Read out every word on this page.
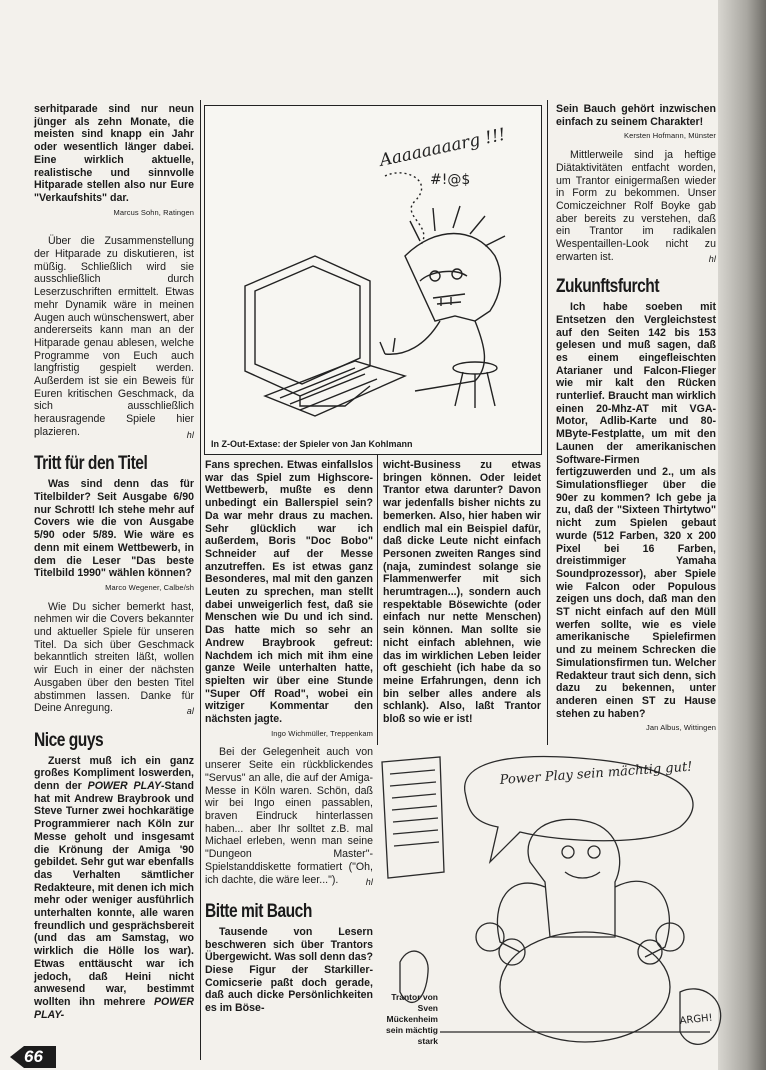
serhitparade sind nur neun jünger als zehn Monate, die meisten sind knapp ein Jahr oder wesentlich länger dabei. Eine wirklich aktuelle, realistische und sinnvolle Hitparade stellen also nur Eure "Verkaufshits" dar.

Marcus Sohn, Ratingen

Über die Zusammenstellung der Hitparade zu diskutieren, ist müßig. Schließlich wird sie ausschließlich durch Leserzuschriften ermittelt. Etwas mehr Dynamik wäre in meinen Augen auch wünschenswert, aber andererseits kann man an der Hitparade genau ablesen, welche Programme von Euch auch langfristig gespielt werden. Außerdem ist sie ein Beweis für Euren kritischen Geschmack, da sich ausschließlich herausragende Spiele hier plazieren.	hl
Tritt für den Titel

Was sind denn das für Titelbilder? Seit Ausgabe 6/90 nur Schrott! Ich stehe mehr auf Covers wie die von Ausgabe 5/90 oder 5/89. Wie wäre es denn mit einem Wettbewerb, in dem die Leser "Das beste Titelbild 1990" wählen können?

Marco Wegener, Calbe/sh

Wie Du sicher bemerkt hast, nehmen wir die Covers bekannter und aktueller Spiele für unseren Titel. Da sich über Geschmack bekanntlich streiten läßt, wollen wir Euch in einer der nächsten Ausgaben über den besten Titel abstimmen lassen. Danke für Deine Anregung.	al
Nice guys

Zuerst muß ich ein ganz großes Kompliment loswerden, denn der POWER PLAY-Stand hat mit Andrew Braybrook und Steve Turner zwei hochkarätige Programmierer nach Köln zur Messe geholt und insgesamt die Krönung der Amiga '90 gebildet. Sehr gut war ebenfalls das Verhalten sämtlicher Redakteure, mit denen ich mich mehr oder weniger ausführlich unterhalten konnte, alle waren freundlich und gesprächsbereit (und das am Samstag, wo wirklich die Hölle los war). Etwas enttäuscht war ich jedoch, daß Heini nicht anwesend war, bestimmt wollten ihn mehrere POWER PLAY-

Aaaaaaaarg !!!
#!@$
In Z-Out-Extase: der Spieler von Jan Kohlmann

Fans sprechen. Etwas einfallslos war das Spiel zum Highscore-Wettbewerb, mußte es denn unbedingt ein Ballerspiel sein? Da war mehr draus zu machen. Sehr glücklich war ich außerdem, Boris "Doc Bobo" Schneider auf der Messe anzutreffen. Es ist etwas ganz Besonderes, mal mit den ganzen Leuten zu sprechen, man stellt dabei unweigerlich fest, daß sie Menschen wie Du und ich sind. Das hatte mich so sehr an Andrew Braybrook gefreut: Nachdem ich mich mit ihm eine ganze Weile unterhalten hatte, spielten wir über eine Stunde "Super Off Road", wobei ein witziger Kommentar den nächsten jagte.

Ingo Wichmüller, Treppenkam

Bei der Gelegenheit auch von unserer Seite ein rückblickendes "Servus" an alle, die auf der Amiga-Messe in Köln waren. Schön, daß wir bei Ingo einen passablen, braven Eindruck hinterlassen haben... aber Ihr solltet z.B. mal Michael erleben, wenn man seine "Dungeon Master"-Spielstanddiskette formatiert ("Oh, ich dachte, die wäre leer...").	hl
Bitte mit Bauch

Tausende von Lesern beschweren sich über Trantors Übergewicht. Was soll denn das? Diese Figur der Starkiller-Comicserie paßt doch gerade, daß auch dicke Persönlichkeiten es im Böse-

wicht-Business zu etwas bringen können. Oder leidet Trantor etwa darunter? Davon war jedenfalls bisher nichts zu bemerken. Also, hier haben wir endlich mal ein Beispiel dafür, daß dicke Leute nicht einfach Personen zweiten Ranges sind (naja, zumindest solange sie Flammenwerfer mit sich herumtragen...), sondern auch respektable Bösewichte (oder einfach nur nette Menschen) sein können. Man sollte sie nicht einfach ablehnen, wie das im wirklichen Leben leider oft geschieht (ich habe da so meine Erfahrungen, denn ich bin selber alles andere als schlank). Also, laßt Trantor bloß so wie er ist!

Sein Bauch gehört inzwischen einfach zu seinem Charakter!

Kersten Hofmann, Münster

Mittlerweile sind ja heftige Diätaktivitäten entfacht worden, um Trantor einigermaßen wieder in Form zu bekommen. Unser Comiczeichner Rolf Boyke gab aber bereits zu verstehen, daß ein Trantor im radikalen Wespentaillen-Look nicht zu erwarten ist.	hl
Zukunftsfurcht

Ich habe soeben mit Entsetzen den Vergleichstest auf den Seiten 142 bis 153 gelesen und muß sagen, daß es einem eingefleischten Atarianer und Falcon-Flieger wie mir kalt den Rücken runterlief. Braucht man wirklich einen 20-Mhz-AT mit VGA-Motor, Adlib-Karte und 80-MByte-Festplatte, um mit den Launen der amerikanischen Software-Firmen fertigzuwerden und 2., um als Simulationsflieger über die 90er zu kommen? Ich gebe ja zu, daß der "Sixteen Thirtytwo" nicht zum Spielen gebaut wurde (512 Farben, 320 x 200 Pixel bei 16 Farben, dreistimmiger Yamaha Soundprozessor), aber Spiele wie Falcon oder Populous zeigen uns doch, daß man den ST nicht einfach auf den Müll werfen sollte, wie es viele amerikanische Spielefirmen und zu meinem Schrecken die Simulationsfirmen tun. Welcher Redakteur traut sich denn, sich dazu zu bekennen, unter anderen einen ST zu Hause stehen zu haben?

Jan Albus, Wittingen
Power Play sein mächtig gut!
ARGH!
Trantor von Sven Mückenheim sein mächtig stark
66
